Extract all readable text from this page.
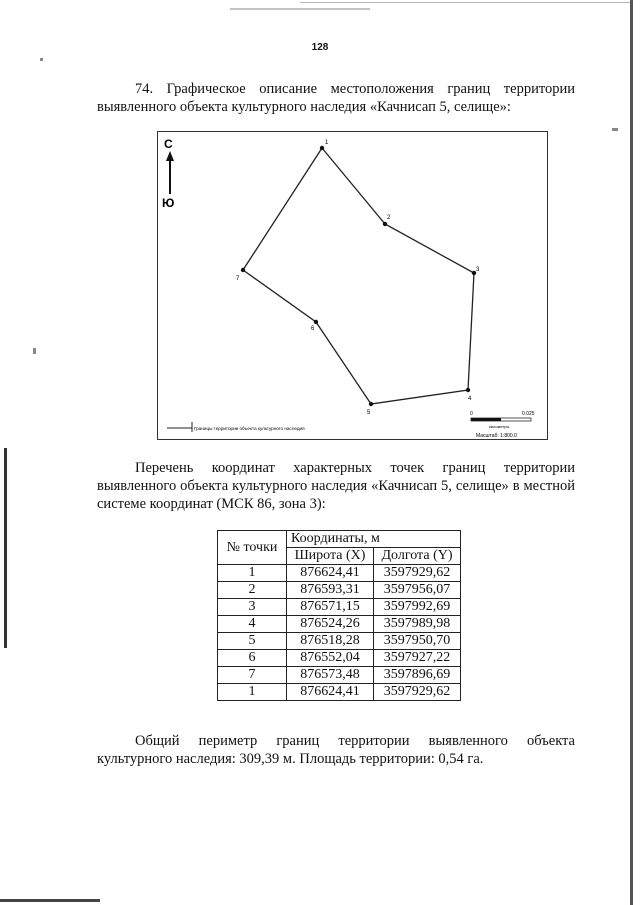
128
74. Графическое описание местоположения границ территории выявленного объекта культурного наследия «Качнисап 5, селище»:
С
Ю
1
2
3
4
5
6
7
Границы территории объекта культурного наследия
0	0.025
километры
Масштаб: 1:800.0
Перечень координат характерных точек границ территории выявленного объекта культурного наследия «Качнисап 5, селище» в местной системе координат (МСК 86, зона 3):
№ точки	Координаты, м	
	Широта (X)	Долгота (Y)
1	876624,41	3597929,62
2	876593,31	3597956,07
3	876571,15	3597992,69
4	876524,26	3597989,98
5	876518,28	3597950,70
6	876552,04	3597927,22
7	876573,48	3597896,69
1	876624,41	3597929,62
Общий периметр границ территории выявленного объекта культурного наследия: 309,39 м. Площадь территории: 0,54 га.
